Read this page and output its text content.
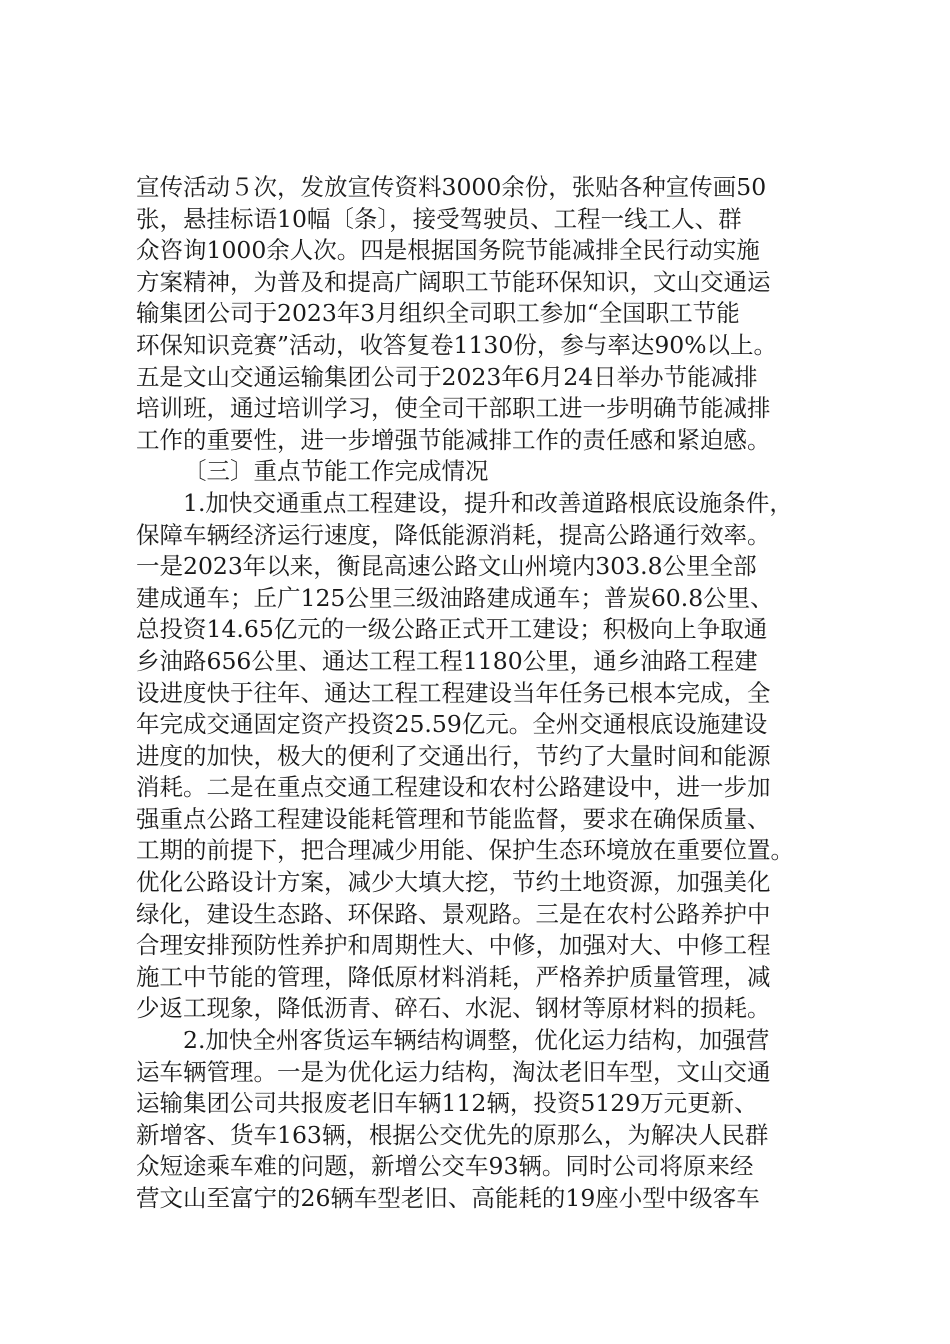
宣传活动５次，发放宣传资料3000余份，张贴各种宣传画50
张，悬挂标语10幅〔条〕，接受驾驶员、工程一线工人、群
众咨询1000余人次。四是根据国务院节能减排全民行动实施
方案精神，为普及和提高广阔职工节能环保知识，文山交通运
输集团公司于2023年3月组织全司职工参加“全国职工节能
环保知识竞赛”活动，收答复卷1130份，参与率达90%以上。
五是文山交通运输集团公司于2023年6月24日举办节能减排
培训班，通过培训学习，使全司干部职工进一步明确节能减排
工作的重要性，进一步增强节能减排工作的责任感和紧迫感。
〔三〕重点节能工作完成情况
1.加快交通重点工程建设，提升和改善道路根底设施条件，
保障车辆经济运行速度，降低能源消耗，提高公路通行效率。
一是2023年以来，衡昆高速公路文山州境内303.8公里全部
建成通车；丘广125公里三级油路建成通车；普炭60.8公里、
总投资14.65亿元的一级公路正式开工建设；积极向上争取通
乡油路656公里、通达工程工程1180公里，通乡油路工程建
设进度快于往年、通达工程工程建设当年任务已根本完成，全
年完成交通固定资产投资25.59亿元。全州交通根底设施建设
进度的加快，极大的便利了交通出行，节约了大量时间和能源
消耗。二是在重点交通工程建设和农村公路建设中，进一步加
强重点公路工程建设能耗管理和节能监督，要求在确保质量、
工期的前提下，把合理减少用能、保护生态环境放在重要位置。
优化公路设计方案，减少大填大挖，节约土地资源，加强美化
绿化，建设生态路、环保路、景观路。三是在农村公路养护中
合理安排预防性养护和周期性大、中修，加强对大、中修工程
施工中节能的管理，降低原材料消耗，严格养护质量管理，减
少返工现象，降低沥青、碎石、水泥、钢材等原材料的损耗。
2.加快全州客货运车辆结构调整，优化运力结构，加强营
运车辆管理。一是为优化运力结构，淘汰老旧车型，文山交通
运输集团公司共报废老旧车辆112辆，投资5129万元更新、
新增客、货车163辆，根据公交优先的原那么，为解决人民群
众短途乘车难的问题，新增公交车93辆。同时公司将原来经
营文山至富宁的26辆车型老旧、高能耗的19座小型中级客车
